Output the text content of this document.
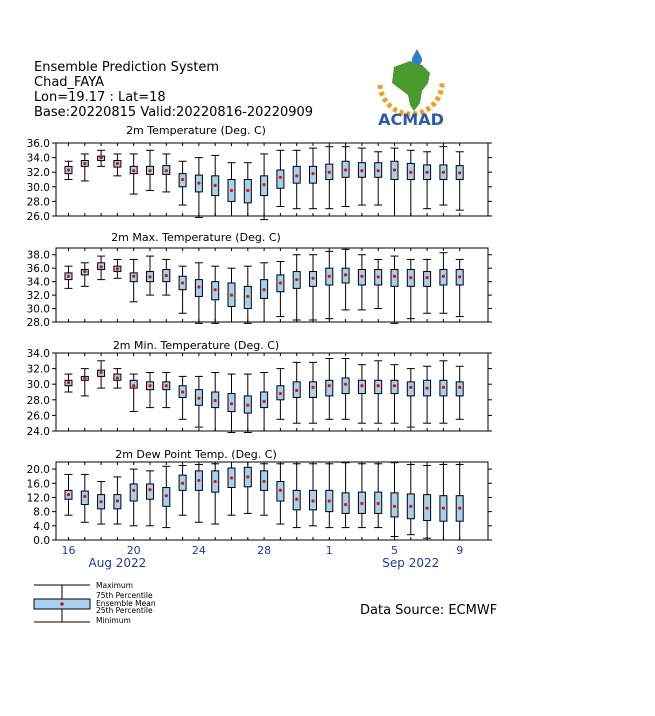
Ensemble Prediction System
Chad_FAYA
Lon=19.17 : Lat=18
Base:20220815 Valid:20220816-20220909	ACMAD
2m Temperature (Deg. C)
26.0
28.0
30.0
32.0
34.0
36.0
2m Max. Temperature (Deg. C)
28.0
30.0
32.0
34.0
36.0
38.0
2m Min. Temperature (Deg. C)
24.0
26.0
28.0
30.0
32.0
34.0
2m Dew Point Temp. (Deg. C)
0.0
4.0
8.0
12.0
16.0
20.0
16	20	24	28	1	5	9
Aug 2022	Sep 2022
Maximum
75th Percentile
Ensemble Mean
25th Percentile
Minimum
Data Source: ECMWF
